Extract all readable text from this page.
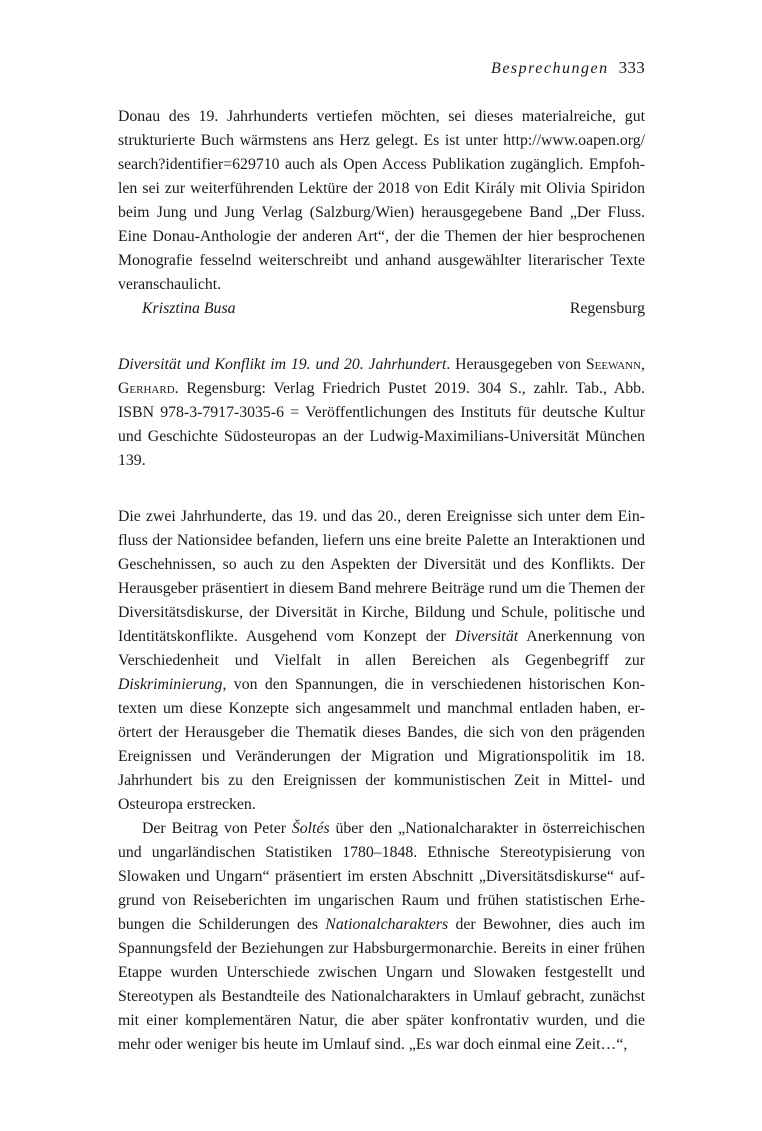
Besprechungen 333

Donau des 19. Jahrhunderts vertiefen möchten, sei dieses materialreiche, gut strukturierte Buch wärmstens ans Herz gelegt. Es ist unter http://www.oapen.org/ search?identifier=629710 auch als Open Access Publikation zugänglich. Empfohlen sei zur weiterführenden Lektüre der 2018 von Edit Király mit Olivia Spiridon beim Jung und Jung Verlag (Salzburg/Wien) herausgegebene Band „Der Fluss. Eine Donau-Anthologie der anderen Art“, der die Themen der hier besprochenen Monografie fesselnd weiterschreibt und anhand ausgewählter literarischer Texte veranschaulicht.

Krisztina Busa	Regensburg

Diversität und Konflikt im 19. und 20. Jahrhundert. Herausgegeben von Seewann, Gerhard. Regensburg: Verlag Friedrich Pustet 2019. 304 S., zahlr. Tab., Abb. ISBN 978-3-7917-3035-6 = Veröffentlichungen des Instituts für deutsche Kultur und Geschichte Südosteuropas an der Ludwig-Maximilians-Universität München 139.

Die zwei Jahrhunderte, das 19. und das 20., deren Ereignisse sich unter dem Einfluss der Nationsidee befanden, liefern uns eine breite Palette an Interaktionen und Geschehnissen, so auch zu den Aspekten der Diversität und des Konflikts. Der Herausgeber präsentiert in diesem Band mehrere Beiträge rund um die Themen der Diversitätsdiskurse, der Diversität in Kirche, Bildung und Schule, politische und Identitätskonflikte. Ausgehend vom Konzept der Diversität Anerkennung von Verschiedenheit und Vielfalt in allen Bereichen als Gegenbegriff zur Diskriminierung, von den Spannungen, die in verschiedenen historischen Kontexten um diese Konzepte sich angesammelt und manchmal entladen haben, erörtert der Herausgeber die Thematik dieses Bandes, die sich von den prägenden Ereignissen und Veränderungen der Migration und Migrationspolitik im 18. Jahrhundert bis zu den Ereignissen der kommunistischen Zeit in Mittel- und Osteuropa erstrecken.

Der Beitrag von Peter Šoltés über den „Nationalcharakter in österreichischen und ungarländischen Statistiken 1780–1848. Ethnische Stereotypisierung von Slowaken und Ungarn“ präsentiert im ersten Abschnitt „Diversitätsdiskurse“ aufgrund von Reiseberichten im ungarischen Raum und frühen statistischen Erhebungen die Schilderungen des Nationalcharakters der Bewohner, dies auch im Spannungsfeld der Beziehungen zur Habsburgermonarchie. Bereits in einer frühen Etappe wurden Unterschiede zwischen Ungarn und Slowaken festgestellt und Stereotypen als Bestandteile des Nationalcharakters in Umlauf gebracht, zunächst mit einer komplementären Natur, die aber später konfrontativ wurden, und die mehr oder weniger bis heute im Umlauf sind. „Es war doch einmal eine Zeit…“,
